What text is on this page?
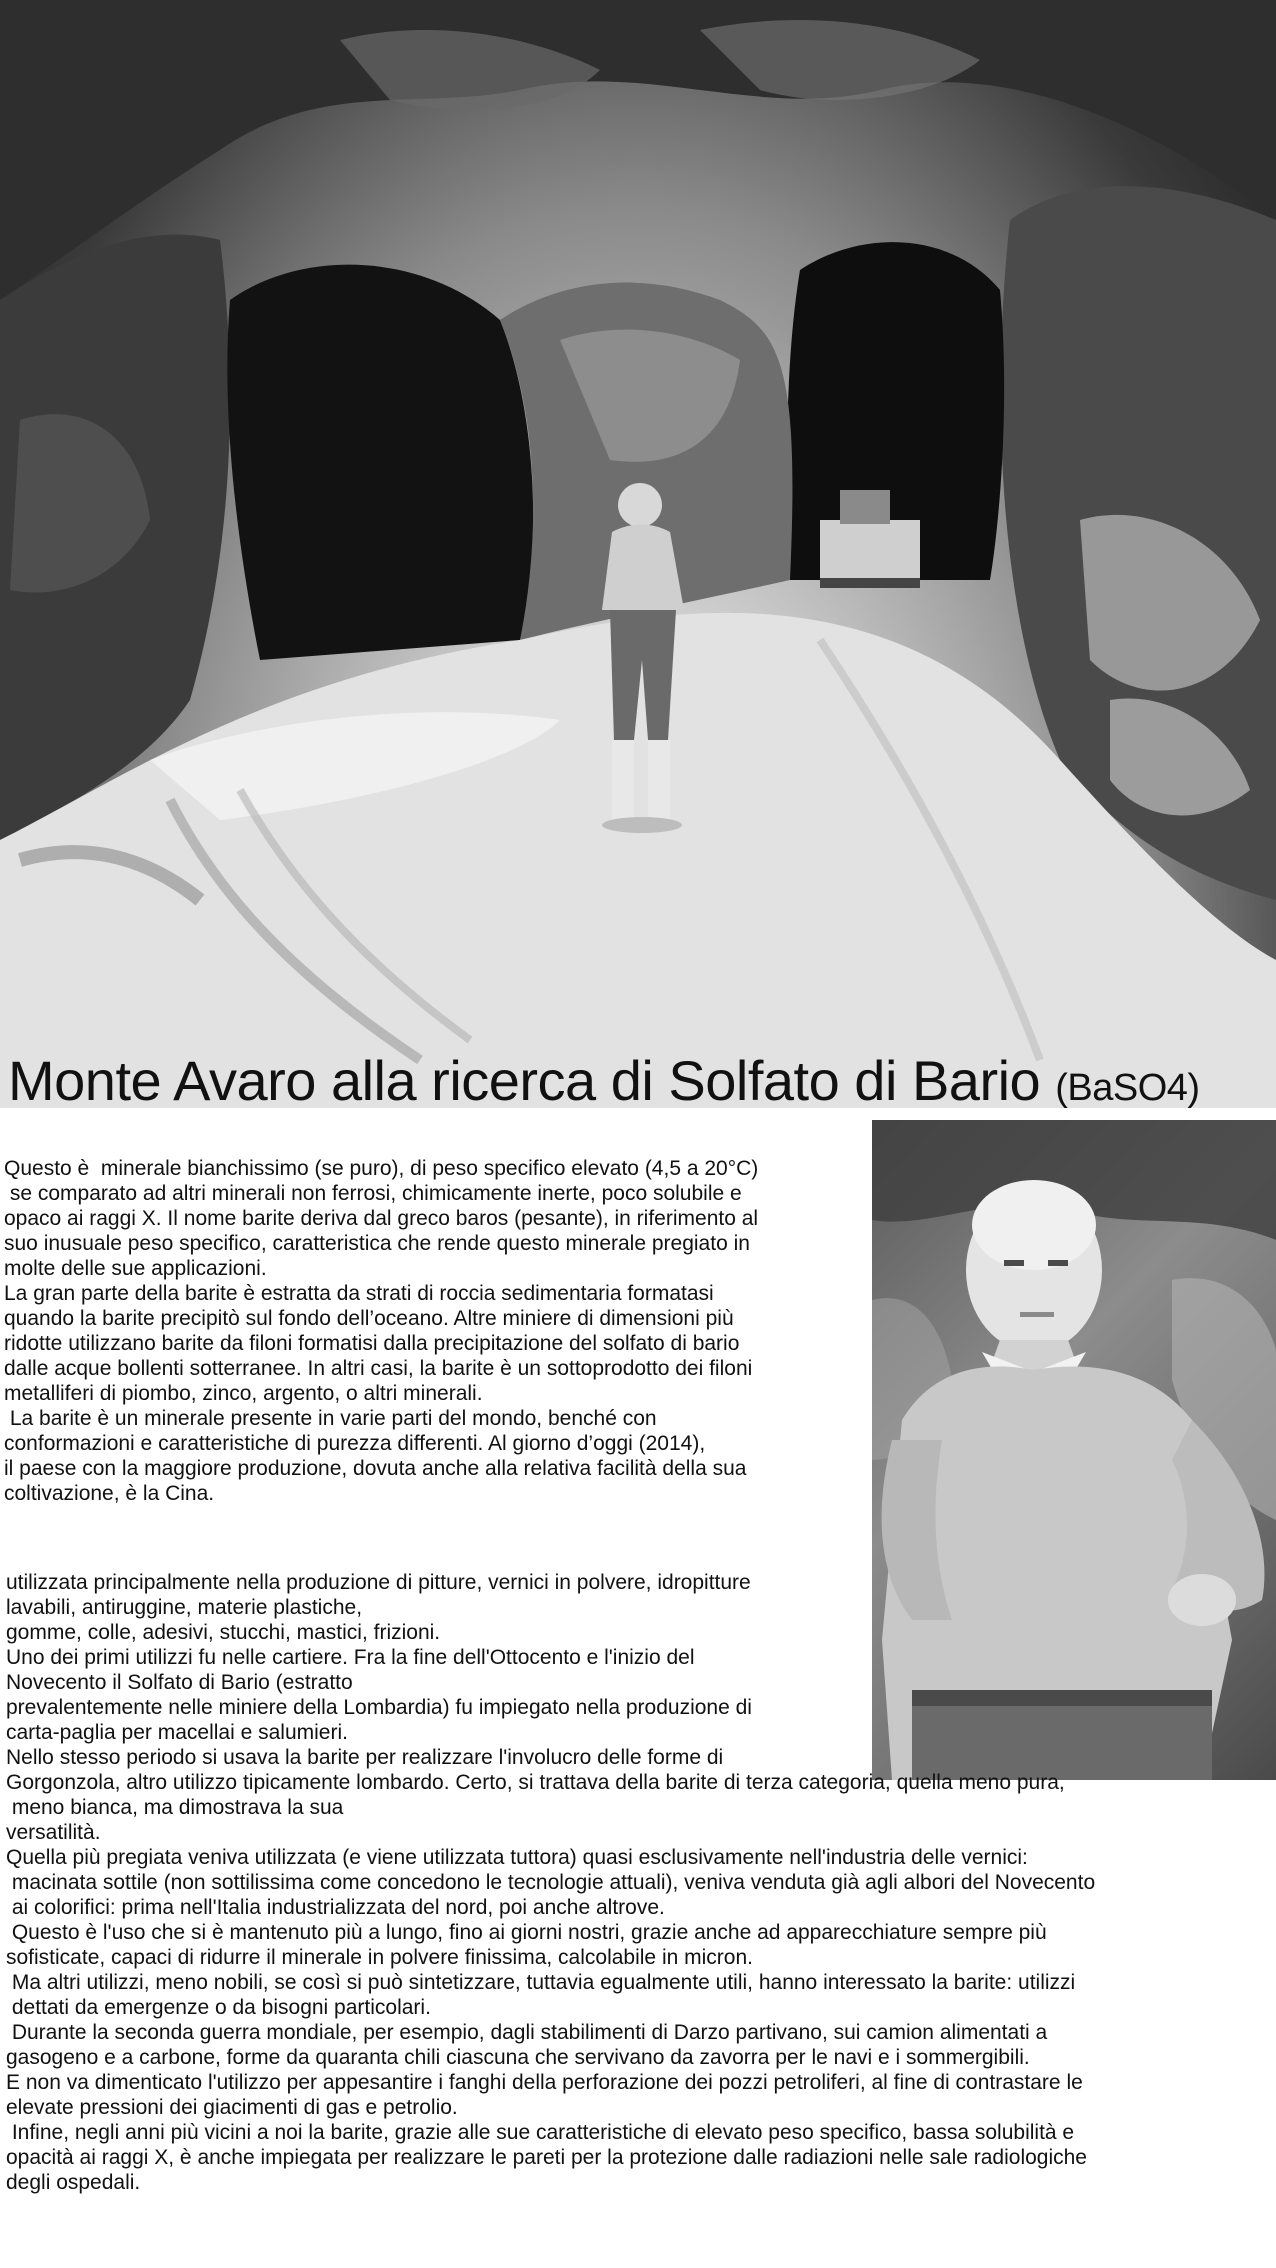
Monte Avaro alla ricerca di Solfato di Bario (BaSO4)

Questo è  minerale bianchissimo (se puro), di peso specifico elevato (4,5 a 20°C)

se comparato ad altri minerali non ferrosi, chimicamente inerte, poco solubile e

opaco ai raggi X. Il nome barite deriva dal greco baros (pesante), in riferimento al

suo inusuale peso specifico, caratteristica che rende questo minerale pregiato in

molte delle sue applicazioni.

La gran parte della barite è estratta da strati di roccia sedimentaria formatasi

quando la barite precipitò sul fondo dell’oceano. Altre miniere di dimensioni più

ridotte utilizzano barite da filoni formatisi dalla precipitazione del solfato di bario

dalle acque bollenti sotterranee. In altri casi, la barite è un sottoprodotto dei filoni

metalliferi di piombo, zinco, argento, o altri minerali.

La barite è un minerale presente in varie parti del mondo, benché con

conformazioni e caratteristiche di purezza differenti. Al giorno d’oggi (2014),

il paese con la maggiore produzione, dovuta anche alla relativa facilità della sua

coltivazione, è la Cina.

utilizzata principalmente nella produzione di pitture, vernici in polvere, idropitture

lavabili, antiruggine, materie plastiche,

gomme, colle, adesivi, stucchi, mastici, frizioni.

Uno dei primi utilizzi fu nelle cartiere. Fra la fine dell'Ottocento e l'inizio del

Novecento il Solfato di Bario (estratto

prevalentemente nelle miniere della Lombardia) fu impiegato nella produzione di

carta-paglia per macellai e salumieri.

Nello stesso periodo si usava la barite per realizzare l'involucro delle forme di

Gorgonzola, altro utilizzo tipicamente lombardo. Certo, si trattava della barite di terza categoria, quella meno pura,

meno bianca, ma dimostrava la sua

versatilità.

Quella più pregiata veniva utilizzata (e viene utilizzata tuttora) quasi esclusivamente nell'industria delle vernici:

macinata sottile (non sottilissima come concedono le tecnologie attuali), veniva venduta già agli albori del Novecento

ai colorifici: prima nell'Italia industrializzata del nord, poi anche altrove.

Questo è l'uso che si è mantenuto più a lungo, fino ai giorni nostri, grazie anche ad apparecchiature sempre più

sofisticate, capaci di ridurre il minerale in polvere finissima, calcolabile in micron.

Ma altri utilizzi, meno nobili, se così si può sintetizzare, tuttavia egualmente utili, hanno interessato la barite: utilizzi

dettati da emergenze o da bisogni particolari.

Durante la seconda guerra mondiale, per esempio, dagli stabilimenti di Darzo partivano, sui camion alimentati a

gasogeno e a carbone, forme da quaranta chili ciascuna che servivano da zavorra per le navi e i sommergibili.

E non va dimenticato l'utilizzo per appesantire i fanghi della perforazione dei pozzi petroliferi, al fine di contrastare le

elevate pressioni dei giacimenti di gas e petrolio.

Infine, negli anni più vicini a noi la barite, grazie alle sue caratteristiche di elevato peso specifico, bassa solubilità e

opacità ai raggi X, è anche impiegata per realizzare le pareti per la protezione dalle radiazioni nelle sale radiologiche

degli ospedali.
